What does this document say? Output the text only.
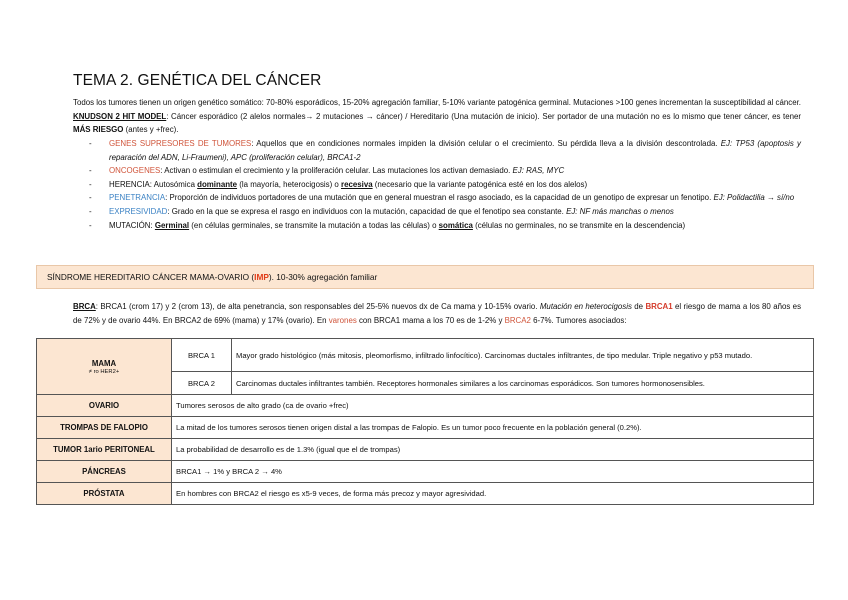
TEMA 2. GENÉTICA DEL CÁNCER
Todos los tumores tienen un origen genético somático: 70-80% esporádicos, 15-20% agregación familiar, 5-10% variante patogénica germinal. Mutaciones >100 genes incrementan la susceptibilidad al cáncer. KNUDSON 2 HIT MODEL: Cáncer esporádico (2 alelos normales→ 2 mutaciones → cáncer) / Hereditario (Una mutación de inicio). Ser portador de una mutación no es lo mismo que tener cáncer, es tener MÁS RIESGO (antes y +frec).
- GENES SUPRESORES DE TUMORES: Aquellos que en condiciones normales impiden la división celular o el crecimiento. Su pérdida lleva a la división descontrolada. EJ: TP53 (apoptosis y reparación del ADN, Li-Fraumeni), APC (proliferación celular), BRCA1-2
- ONCOGENES: Activan o estimulan el crecimiento y la proliferación celular. Las mutaciones los activan demasiado. EJ: RAS, MYC
- HERENCIA: Autosómica dominante (la mayoría, heterocigosis) o recesiva (necesario que la variante patogénica esté en los dos alelos)
- PENETRANCIA: Proporción de individuos portadores de una mutación que en general muestran el rasgo asociado, es la capacidad de un genotipo de expresar un fenotipo. EJ: Polidactilia → sí/no
- EXPRESIVIDAD: Grado en la que se expresa el rasgo en individuos con la mutación, capacidad de que el fenotipo sea constante. EJ: NF más manchas o menos
- MUTACIÓN: Germinal (en células germinales, se transmite la mutación a todas las células) o somática (células no germinales, no se transmite en la descendencia)
SÍNDROME HEREDITARIO CÁNCER MAMA-OVARIO (IMP). 10-30% agregación familiar
BRCA: BRCA1 (crom 17) y 2 (crom 13), de alta penetrancia, son responsables del 25-5% nuevos dx de Ca mama y 10-15% ovario. Mutación en heterocigosis de BRCA1 el riesgo de mama a los 80 años es de 72% y de ovario 44%. En BRCA2 de 69% (mama) y 17% (ovario). En varones con BRCA1 mama a los 70 es de 1-2% y BRCA2 6-7%. Tumores asociados:
MAMA
≠ ro HER2+	BRCA 1	Mayor grado histológico (más mitosis, pleomorfismo, infiltrado linfocítico). Carcinomas ductales infiltrantes, de tipo medular. Triple negativo y p53 mutado.
	BRCA 2	Carcinomas ductales infiltrantes también. Receptores hormonales similares a los carcinomas esporádicos. Son tumores hormonosensibles.
OVARIO	Tumores serosos de alto grado (ca de ovario +frec)	
TROMPAS DE FALOPIO	La mitad de los tumores serosos tienen origen distal a las trompas de Falopio. Es un tumor poco frecuente en la población general (0.2%).	
TUMOR 1ario PERITONEAL	La probabilidad de desarrollo es de 1.3% (igual que el de trompas)	
PÁNCREAS	BRCA1 → 1% y BRCA 2 → 4%	
PRÓSTATA	En hombres con BRCA2 el riesgo es x5-9 veces, de forma más precoz y mayor agresividad.	
